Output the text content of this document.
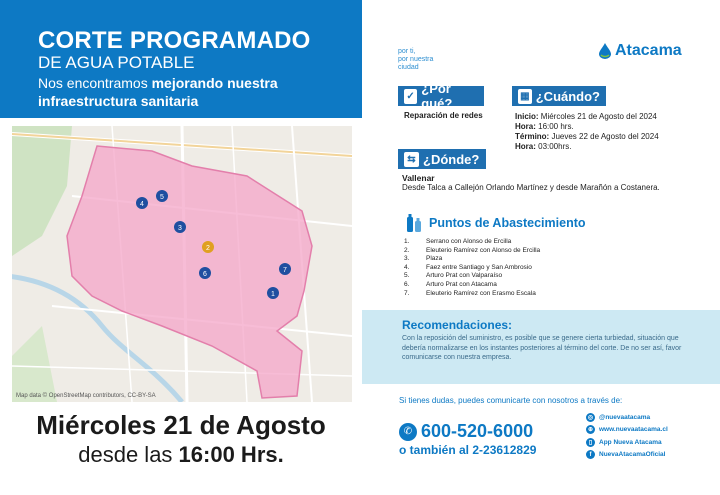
CORTE PROGRAMADO
DE AGUA POTABLE
Nos encontramos mejorando nuestra
infraestructura sanitaria
4
5
3
2
6
7
1
Map data © OpenStreetMap contributors, CC-BY-SA
Miércoles 21 de Agosto
desde las 16:00 Hrs.
por ti,
por nuestra
ciudad
Atacama
✓ ¿Por qué?	▦ ¿Cuándo?
⇆ ¿Dónde?
Reparación de redes	Inicio: Miércoles 21 de Agosto del 2024
Hora: 16:00 hrs.
Término: Jueves 22 de Agosto del 2024
Hora: 03:00hrs.
Vallenar
Desde Talca a Callejón Orlando Martínez y desde Marañón a Costanera.
Puntos de Abastecimiento
1.	Serrano con Alonso de Ercilla
2.	Eleuterio Ramírez con Alonso de Ercilla
3.	Plaza
4.	Faez entre Santiago y San Ambrosio
5.	Arturo Prat con Valparaíso
6.	Arturo Prat con Atacama
7.	Eleuterio Ramírez con Erasmo Escala
Recomendaciones:
Con la reposición del suministro, es posible que se genere cierta turbiedad, situación que debería normalizarse en los instantes posteriores al término del corte. De no ser así, favor comunicarse con nuestra empresa.
Si tienes dudas, puedes comunicarte con nosotros a través de:
✆ 600-520-6000
o también al 2-23612829
◎ @nuevaatacama
⊕ www.nuevaatacama.cl
▯	App Nueva Atacama
f	NuevaAtacamaOficial
